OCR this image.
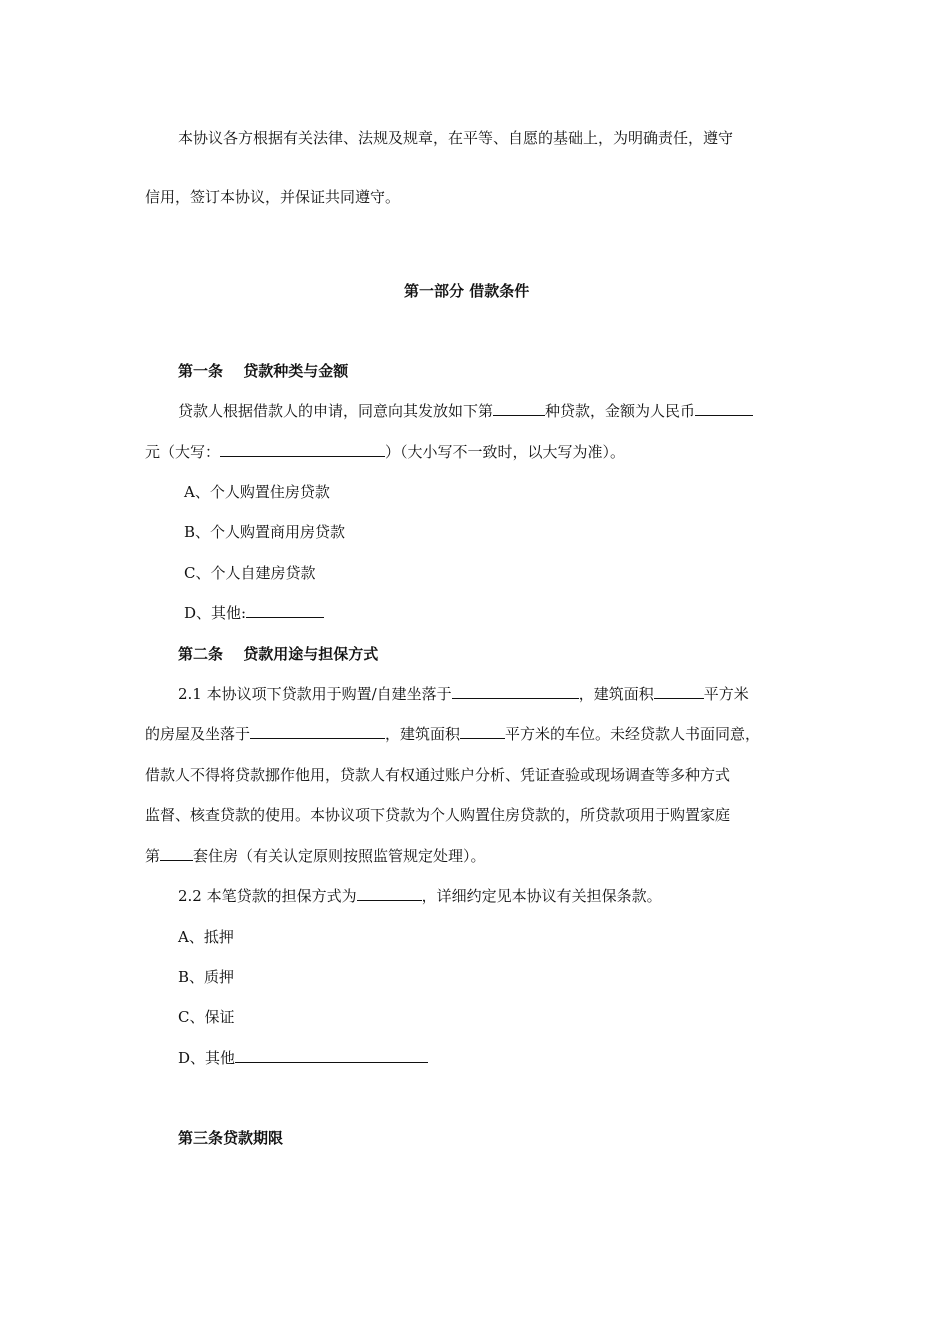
本协议各方根据有关法律、法规及规章，在平等、自愿的基础上，为明确责任，遵守
信用，签订本协议，并保证共同遵守。
第一部分 借款条件
第一条　 贷款种类与金额
贷款人根据借款人的申请，同意向其发放如下第	种贷款，金额为人民币
元（大写：	）（大小写不一致时，以大写为准）。
A、个人购置住房贷款
B、个人购置商用房贷款
C、个人自建房贷款
D、其他:
第二条　 贷款用途与担保方式
2.1 本协议项下贷款用于购置/自建坐落于	，建筑面积	平方米
的房屋及坐落于	，建筑面积	平方米的车位。未经贷款人书面同意，
借款人不得将贷款挪作他用，贷款人有权通过账户分析、凭证查验或现场调查等多种方式
监督、核查贷款的使用。本协议项下贷款为个人购置住房贷款的，所贷款项用于购置家庭
第 套住房（有关认定原则按照监管规定处理）。
2.2 本笔贷款的担保方式为	，详细约定见本协议有关担保条款。
A、抵押
B、质押
C、保证
D、其他
第三条贷款期限
